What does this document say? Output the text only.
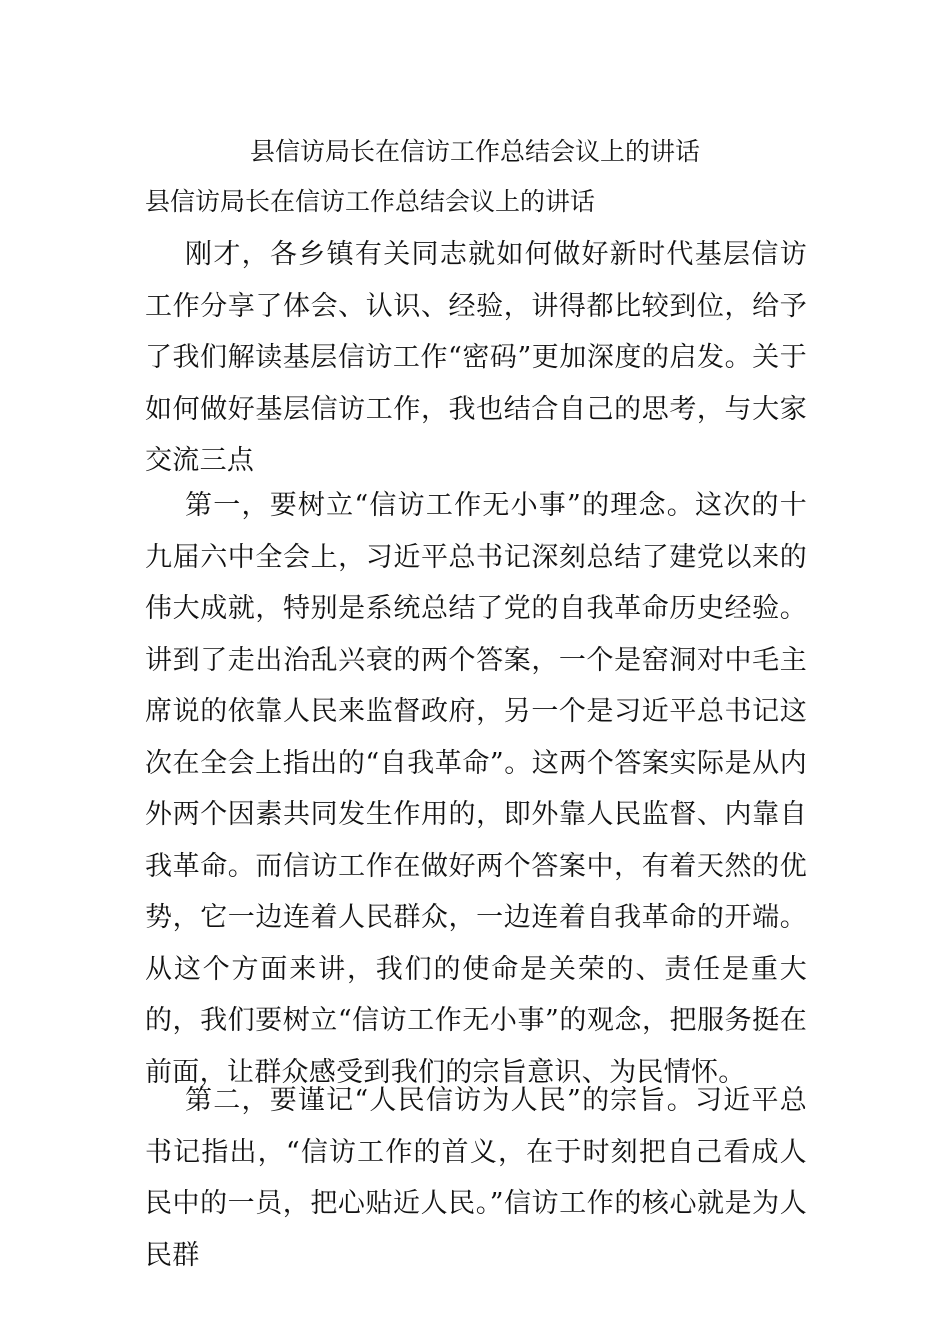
县信访局长在信访工作总结会议上的讲话
县信访局长在信访工作总结会议上的讲话

刚才，各乡镇有关同志就如何做好新时代基层信访工作分享了体会、认识、经验，讲得都比较到位，给予了我们解读基层信访工作“密码”更加深度的启发。关于如何做好基层信访工作，我也结合自己的思考，与大家交流三点

第一，要树立“信访工作无小事”的理念。这次的十九届六中全会上，习近平总书记深刻总结了建党以来的伟大成就，特别是系统总结了党的自我革命历史经验。讲到了走出治乱兴衰的两个答案，一个是窑洞对中毛主席说的依靠人民来监督政府，另一个是习近平总书记这次在全会上指出的“自我革命”。这两个答案实际是从内外两个因素共同发生作用的，即外靠人民监督、内靠自我革命。而信访工作在做好两个答案中，有着天然的优势，它一边连着人民群众，一边连着自我革命的开端。从这个方面来讲，我们的使命是关荣的、责任是重大的，我们要树立“信访工作无小事”的观念，把服务挺在前面，让群众感受到我们的宗旨意识、为民情怀。

第二，要谨记“人民信访为人民”的宗旨。习近平总书记指出，“信访工作的首义，在于时刻把自己看成人民中的一员，把心贴近人民。”信访工作的核心就是为人民群
